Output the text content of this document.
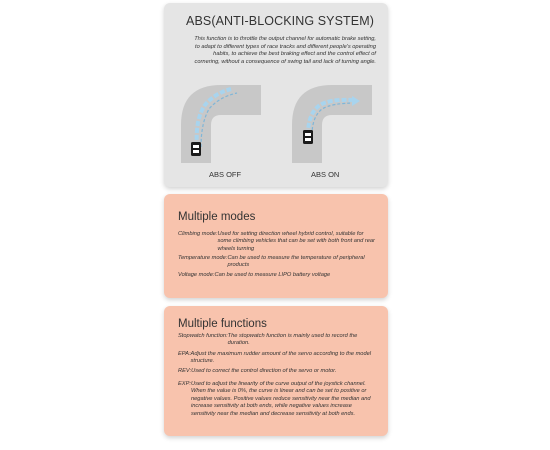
ABS(ANTI-BLOCKING SYSTEM)
This function is to throttle the output channel for automatic brake setting, to adapt to different types of race tracks and different people's operating habits, to achieve the best braking effect and the control effect of cornering, without a consequence of swing tail and lack of turning angle.
ABS OFF	ABS ON
Multiple modes
Climbing mode: Used for setting direction wheel hybrid control, suitable for some climbing vehicles that can be set with both front and rear wheels turning
Temperature mode: Can be used to measure the temperature of peripheral products
Voltage mode: Can be used to measure LIPO battery voltage
Multiple functions
Stopwatch function: The stopwatch function is mainly used to record the duration.
EPA: Adjust the maximum rudder amount of the servo according to the model structure.
REV: Used to correct the control direction of the servo or motor.
EXP: Used to adjust the linearity of the curve output of the joystick channel. When the value is 0%, the curve is linear and can be set to positive or negative values. Positive values reduce sensitivity near the median and increase sensitivity at both ends, while negative values increase sensitivity near the median and decrease sensitivity at both ends.
